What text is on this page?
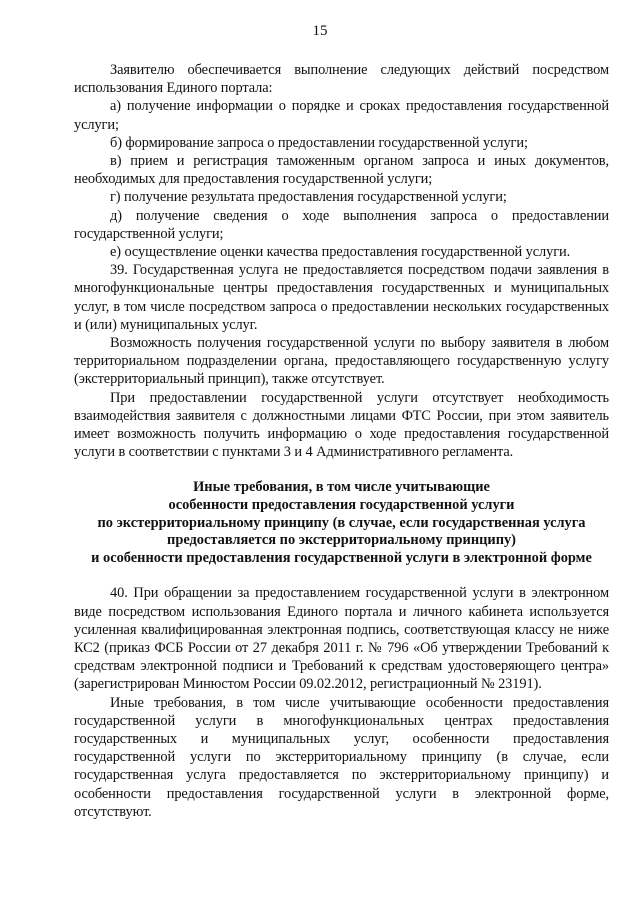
15

Заявителю обеспечивается выполнение следующих действий посредством использования Единого портала:

а) получение информации о порядке и сроках предоставления государственной услуги;

б) формирование запроса о предоставлении государственной услуги;

в) прием и регистрация таможенным органом запроса и иных документов, необходимых для предоставления государственной услуги;

г) получение результата предоставления государственной услуги;

д) получение сведения о ходе выполнения запроса о предоставлении государственной услуги;

е) осуществление оценки качества предоставления государственной услуги.

39. Государственная услуга не предоставляется посредством подачи заявления в многофункциональные центры предоставления государственных и муниципальных услуг, в том числе посредством запроса о предоставлении нескольких государственных и (или) муниципальных услуг.

Возможность получения государственной услуги по выбору заявителя в любом территориальном подразделении органа, предоставляющего государственную услугу (экстерриториальный принцип), также отсутствует.

При предоставлении государственной услуги отсутствует необходимость взаимодействия заявителя с должностными лицами ФТС России, при этом заявитель имеет возможность получить информацию о ходе предоставления государственной услуги в соответствии с пунктами 3 и 4 Административного регламента.

Иные требования, в том числе учитывающие
особенности предоставления государственной услуги
по экстерриториальному принципу (в случае, если государственная услуга
предоставляется по экстерриториальному принципу)
и особенности предоставления государственной услуги в электронной форме

40. При обращении за предоставлением государственной услуги в электронном виде посредством использования Единого портала и личного кабинета используется усиленная квалифицированная электронная подпись, соответствующая классу не ниже КС2 (приказ ФСБ России от 27 декабря 2011 г. № 796 «Об утверждении Требований к средствам электронной подписи и Требований к средствам удостоверяющего центра» (зарегистрирован Минюстом России 09.02.2012, регистрационный № 23191).

Иные требования, в том числе учитывающие особенности предоставления государственной услуги в многофункциональных центрах предоставления государственных и муниципальных услуг, особенности предоставления государственной услуги по экстерриториальному принципу (в случае, если государственная услуга предоставляется по экстерриториальному принципу) и особенности предоставления государственной услуги в электронной форме, отсутствуют.
